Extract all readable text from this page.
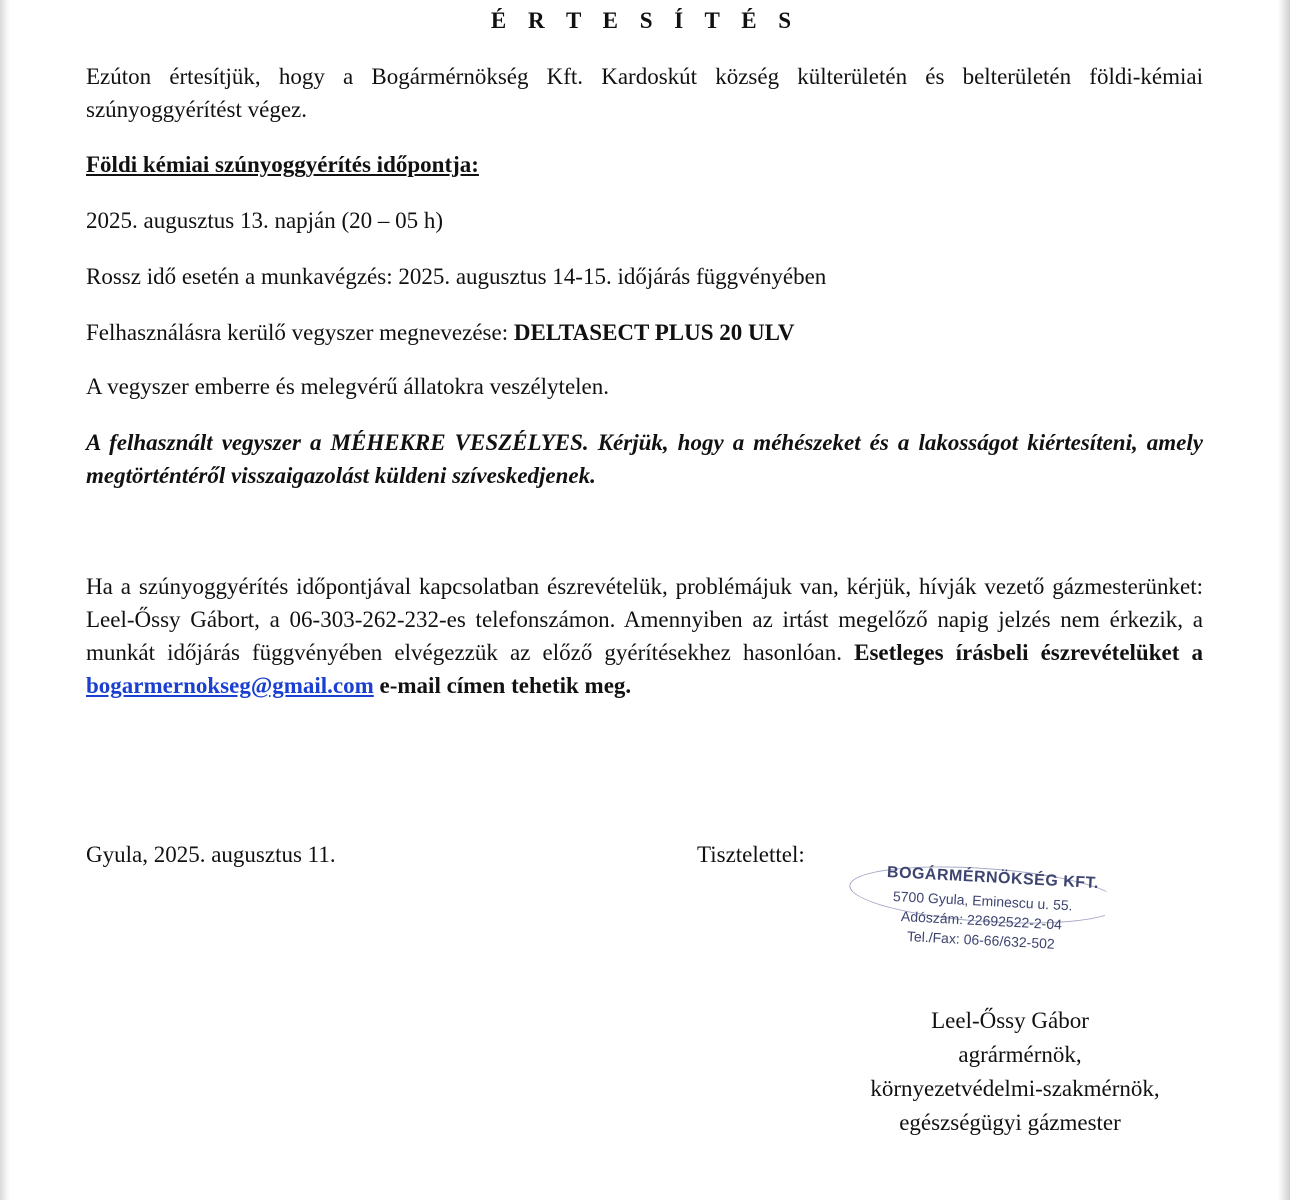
É R T E S Í T É S
Ezúton értesítjük, hogy a Bogármérnökség Kft. Kardoskút község külterületén és belterületén földi-kémiai szúnyoggyérítést végez.
Földi kémiai szúnyoggyérítés időpontja:
2025. augusztus 13. napján (20 – 05 h)
Rossz idő esetén a munkavégzés: 2025. augusztus 14-15. időjárás függvényében
Felhasználásra kerülő vegyszer megnevezése: DELTASECT PLUS 20 ULV
A vegyszer emberre és melegvérű állatokra veszélytelen.
A felhasznált vegyszer a MÉHEKRE VESZÉLYES. Kérjük, hogy a méhészeket és a lakosságot kiértesíteni, amely megtörténtéről visszaigazolást küldeni szíveskedjenek.
Ha a szúnyoggyérítés időpontjával kapcsolatban észrevételük, problémájuk van, kérjük, hívják vezető gázmesterünket: Leel-Őssy Gábort, a 06-303-262-232-es telefonszámon. Amennyiben az irtást megelőző napig jelzés nem érkezik, a munkát időjárás függvényében elvégezzük az előző gyérítésekhez hasonlóan. Esetleges írásbeli észrevételüket a bogarmernokseg@gmail.com e-mail címen tehetik meg.
Gyula, 2025. augusztus 11.	Tisztelettel:
BOGÁRMÉRNÖKSÉG KFT.
5700 Gyula, Eminescu u. 55.
Adószám: 22692522-2-04
Tel./Fax: 06-66/632-502
Leel-Őssy Gábor
agrármérnök,
környezetvédelmi-szakmérnök,
egészségügyi gázmester
